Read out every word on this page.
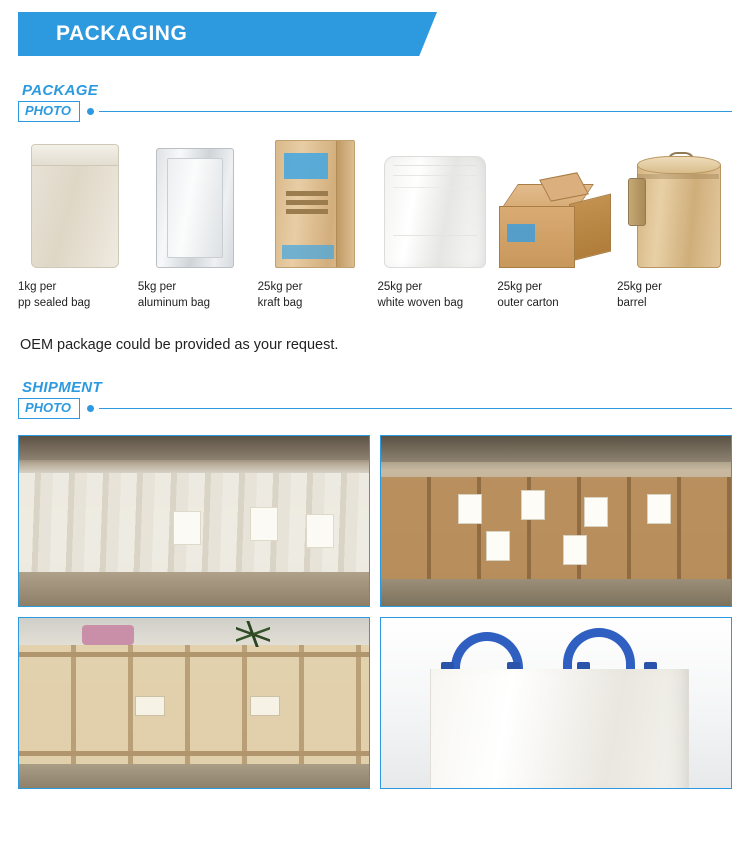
PACKAGING
PACKAGE
PHOTO
1kg per
pp sealed bag
5kg per
aluminum bag
25kg per
kraft bag
25kg per
white woven bag
25kg per
outer carton
25kg per
barrel
OEM package could be provided as your request.
SHIPMENT
PHOTO
